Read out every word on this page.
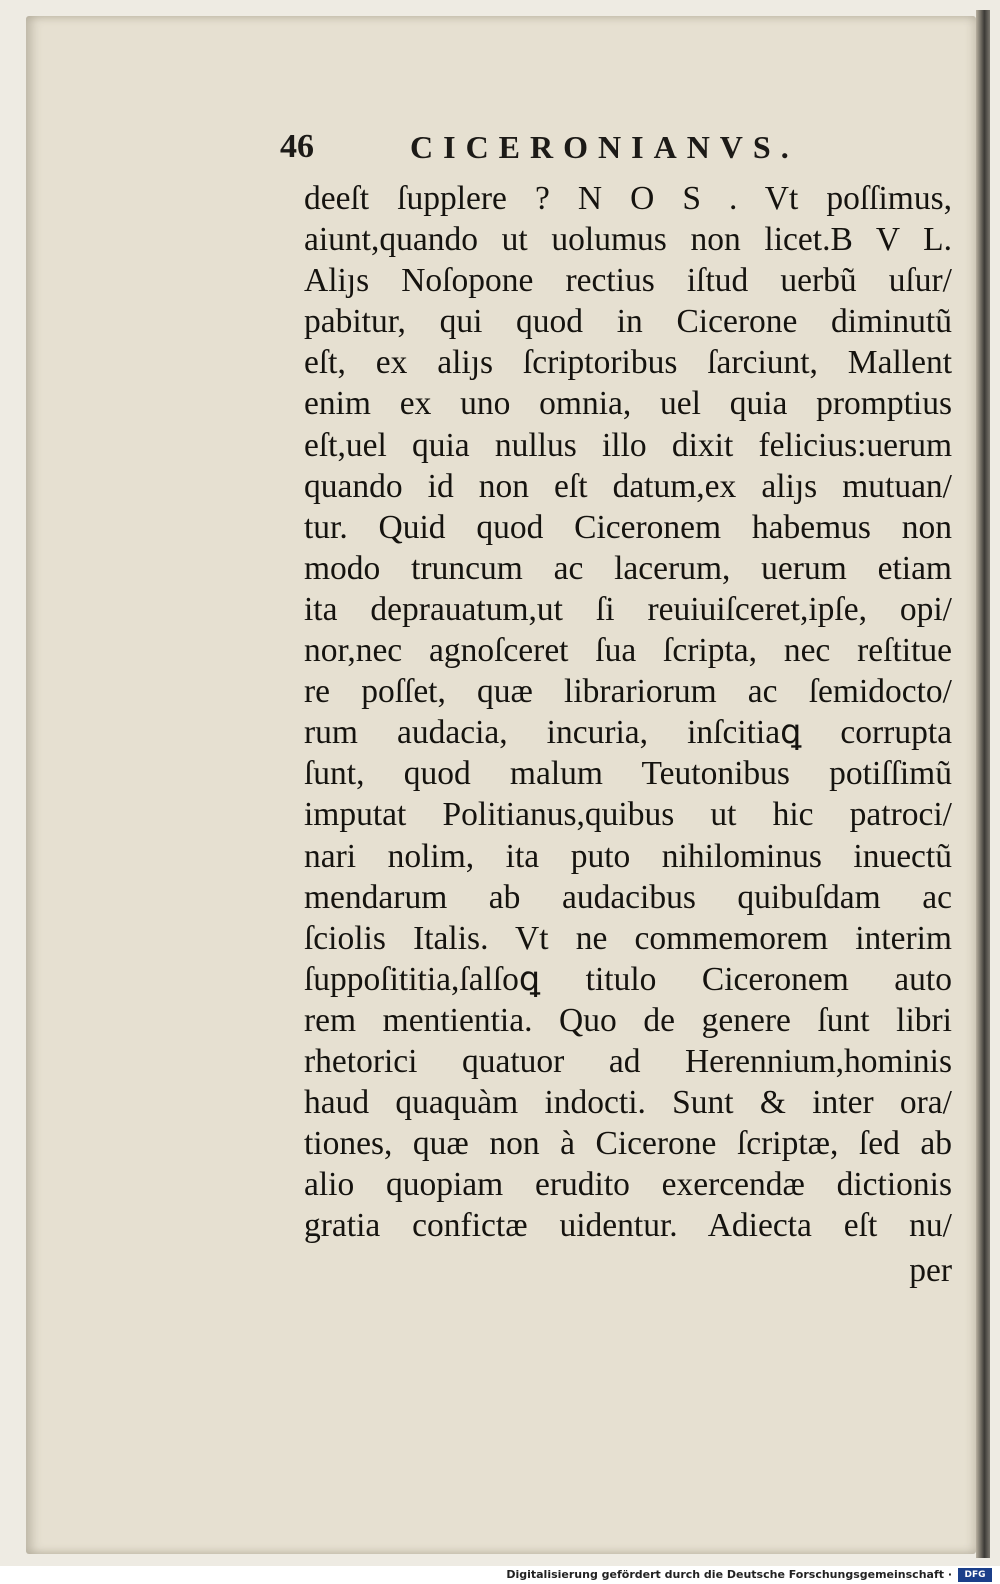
46	CICERONIANVS.
deeſt ſupplere ? N O S . Vt poſſimus,
aiunt,quando ut uolumus non licet.B V L.
Aliȷs Noſopone rectius iſtud uerbũ uſur/
pabitur, qui quod in Cicerone diminutũ
eſt, ex aliȷs ſcriptoribus ſarciunt, Mallent
enim ex uno omnia, uel quia promptius
eſt,uel quia nullus illo dixit felicius:uerum
quando id non eſt datum,ex aliȷs mutuan/
tur. Quid quod Ciceronem habemus non
modo truncum ac lacerum, uerum etiam
ita deprauatum,ut ſi reuiuiſceret,ipſe, opi/
nor,nec agnoſceret ſua ſcripta, nec reſtitue
re poſſet, quæ librariorum ac ſemidocto/
rum audacia, incuria, inſcitiaꝗ corrupta
ſunt, quod malum Teutonibus potiſſimũ
imputat Politianus,quibus ut hic patroci/
nari nolim, ita puto nihilominus inuectũ
mendarum ab audacibus quibuſdam ac
ſciolis Italis. Vt ne commemorem interim
ſuppoſititia,ſalſoꝗ titulo Ciceronem auto
rem mentientia. Quo de genere ſunt libri
rhetorici quatuor ad Herennium,hominis
haud quaquàm indocti. Sunt & inter ora/
tiones, quæ non à Cicerone ſcriptæ, ſed ab
alio quopiam erudito exercendæ dictionis
gratia confictæ uidentur. Adiecta eſt nu/
per
Digitalisierung gefördert durch die Deutsche Forschungsgemeinschaft ·	DFG
